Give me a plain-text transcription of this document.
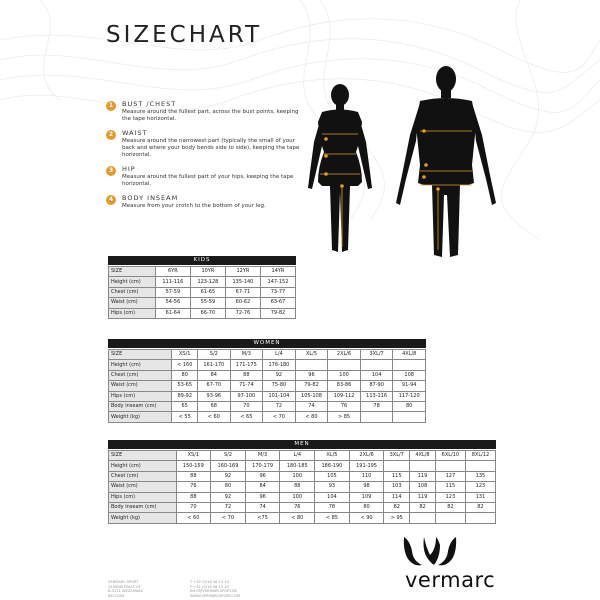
SIZECHART
1	BUST /CHEST
Measure around the fullest part, across the bust points, keeping the tape horizontal.
2	WAIST
Measure around the narrowest part (typically the small of your back and where your body bends side to side), keeping the tape horizontal.
3	HIP
Measure around the fullest part of your hips, keeping the tape horizontal.
4	BODY INSEAM
Measure from your crotch to the bottom of your leg.
KIDS
SIZE	6YR	10YR	12YR	14YR
Height (cm)	111-116	123-128	135-140	147-152
Chest (cm)	57-59	61-65	67-71	73-77
Waist (cm)	54-56	55-59	60-62	63-67
Hips (cm)	61-64	66-70	72-76	79-82
WOMEN
SIZE	XS/1	S/2	M/3	L/4	XL/5	2XL/6	3XL/7	4XL/8
Height (cm)	< 160	161-170	171-175	176-180				
Chest (cm)	80	84	88	92	96	100	104	108
Waist (cm)	53-65	67-70	71-74	75-80	79-82	83-86	87-90	91-94
Hips (cm)	89-92	93-96	97-100	101-104	105-108	109-112	113-116	117-120
Body inseam (cm)	65	68	70	72	74	76	78	80
Weight (kg)	< 55	< 60	< 65	< 70	< 80	> 85		
MEN
SIZE	XS/1	S/2	M/3	L/4	XL/5	2XL/6	3XL/7	4XL/8	6XL/10	8XL/12
Height (cm)	150-159	160-169	170-179	180-185	186-190	191-195				
Chest (cm)	88	92	96	100	105	110	115	119	127	135
Waist (cm)	76	80	84	88	93	98	103	108	115	123
Hips (cm)	88	92	96	100	104	109	114	119	123	131
Body inseam (cm)	70	72	74	76	78	80	82	82	82	82
Weight (kg)	< 60	< 70	<75	< 80	< 85	< 90	> 95			
VERMARC SPORT
OLMENSTRAAT 29
B-3111 WEZEMAAL
BELGIUM
T +32 (0)16 58 13 10
F +32 (0)16 58 13 10
INFO@VERMARCSPORT.BE
WWW.VERMARCSPORT.COM
vermarc
